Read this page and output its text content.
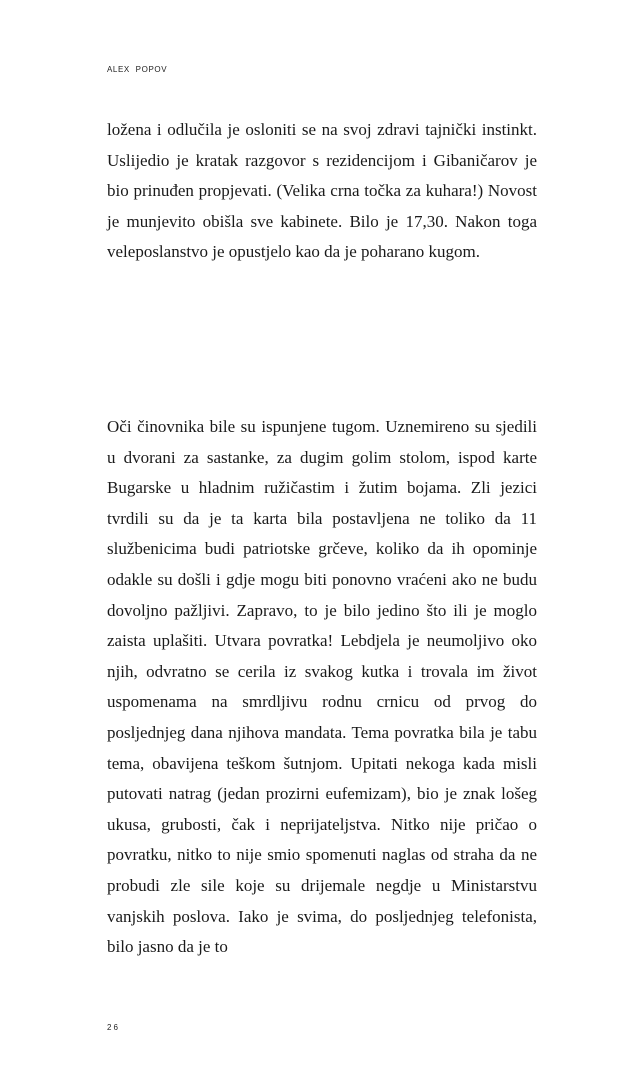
ALEX POPOV

ložena i odlučila je osloniti se na svoj zdravi tajnički instinkt. Uslijedio je kratak razgovor s rezidencijom i Gibaničarov je bio prinuđen propjevati. (Velika crna točka za kuhara!) Novost je munjevito obišla sve kabinete. Bilo je 17,30. Nakon toga veleposlanstvo je opustjelo kao da je poharano kugom.

Oči činovnika bile su ispunjene tugom. Uznemireno su sjedili u dvorani za sastanke, za dugim golim stolom, ispod karte Bugarske u hladnim ružičastim i žutim bojama. Zli jezici tvrdili su da je ta karta bila postavljena ne toliko da 11 službenicima budi patriotske grčeve, koliko da ih opominje odakle su došli i gdje mogu biti ponovno vraćeni ako ne budu dovoljno pažljivi. Zapravo, to je bilo jedino što ili je moglo zaista uplašiti. Utvara povratka! Lebdjela je neumoljivo oko njih, odvratno se cerila iz svakog kutka i trovala im život uspomenama na smrdljivu rodnu crnicu od prvog do posljednjeg dana njihova mandata. Tema povratka bila je tabu tema, obavijena teškom šutnjom. Upitati nekoga kada misli putovati natrag (jedan prozirni eufemizam), bio je znak lošeg ukusa, grubosti, čak i neprijateljstva. Nitko nije pričao o povratku, nitko to nije smio spomenuti naglas od straha da ne probudi zle sile koje su drijemale negdje u Ministarstvu vanjskih poslova. Iako je svima, do posljednjeg telefonista, bilo jasno da je to

26
